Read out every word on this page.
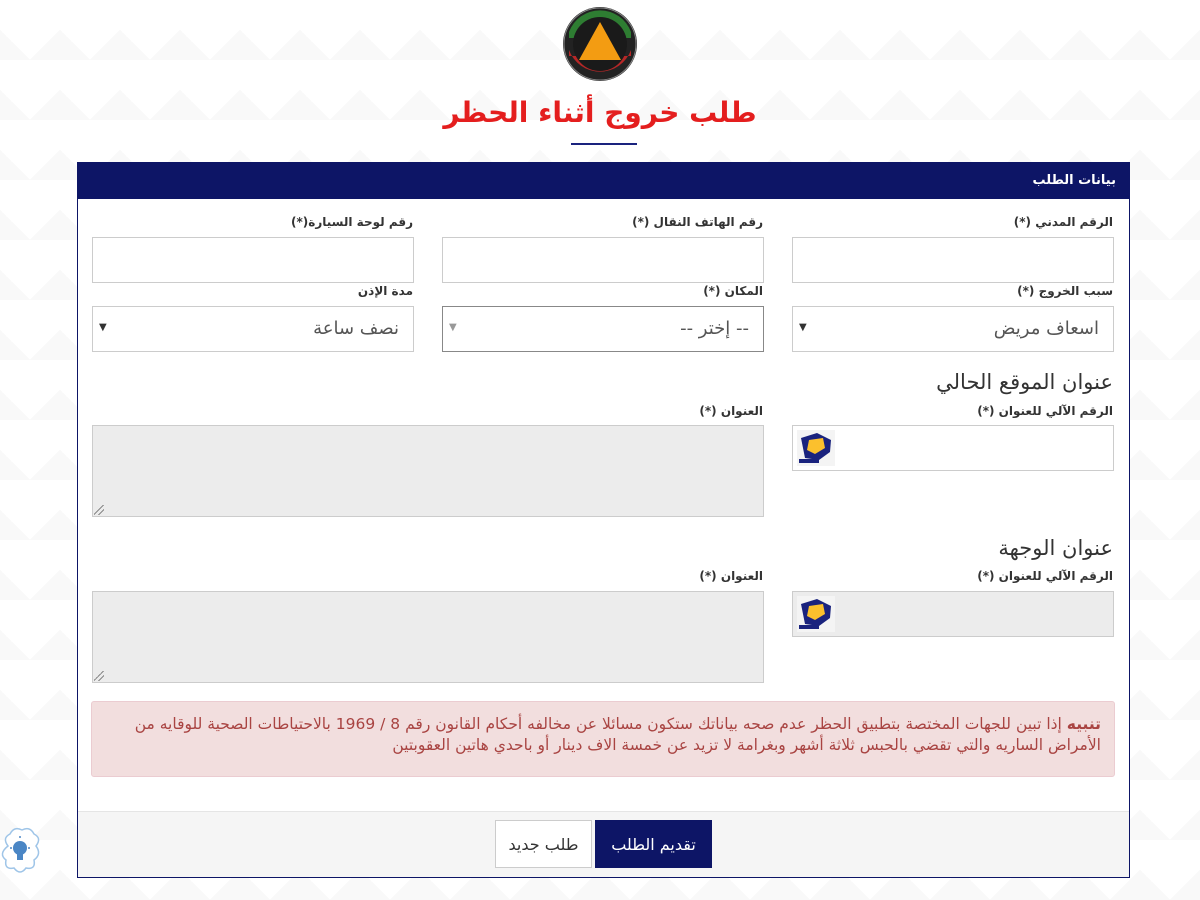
طلب خروج أثناء الحظر
بيانات الطلب
الرقم المدني (*)
رقم الهاتف النقال (*)
رقم لوحة السيارة(*)
سبب الخروج (*)
المكان (*)
مدة الإذن
اسعاف مريض
▼
-- إختر --
▼
نصف ساعة
▼
عنوان الموقع الحالي
الرقم الآلي للعنوان (*)
العنوان (*)
عنوان الوجهة
الرقم الآلي للعنوان (*)
العنوان (*)
تنبيه إذا تبين للجهات المختصة بتطبيق الحظر عدم صحه بياناتك ستكون مسائلا عن مخالفه أحكام القانون رقم 8 / 1969 بالاحتياطات الصحية للوقايه من الأمراض الساريه والتي تقضي بالحبس ثلاثة أشهر وبغرامة لا تزيد عن خمسة الاف دينار أو باحدي هاتين العقوبتين
تقديم الطلب
طلب جديد
